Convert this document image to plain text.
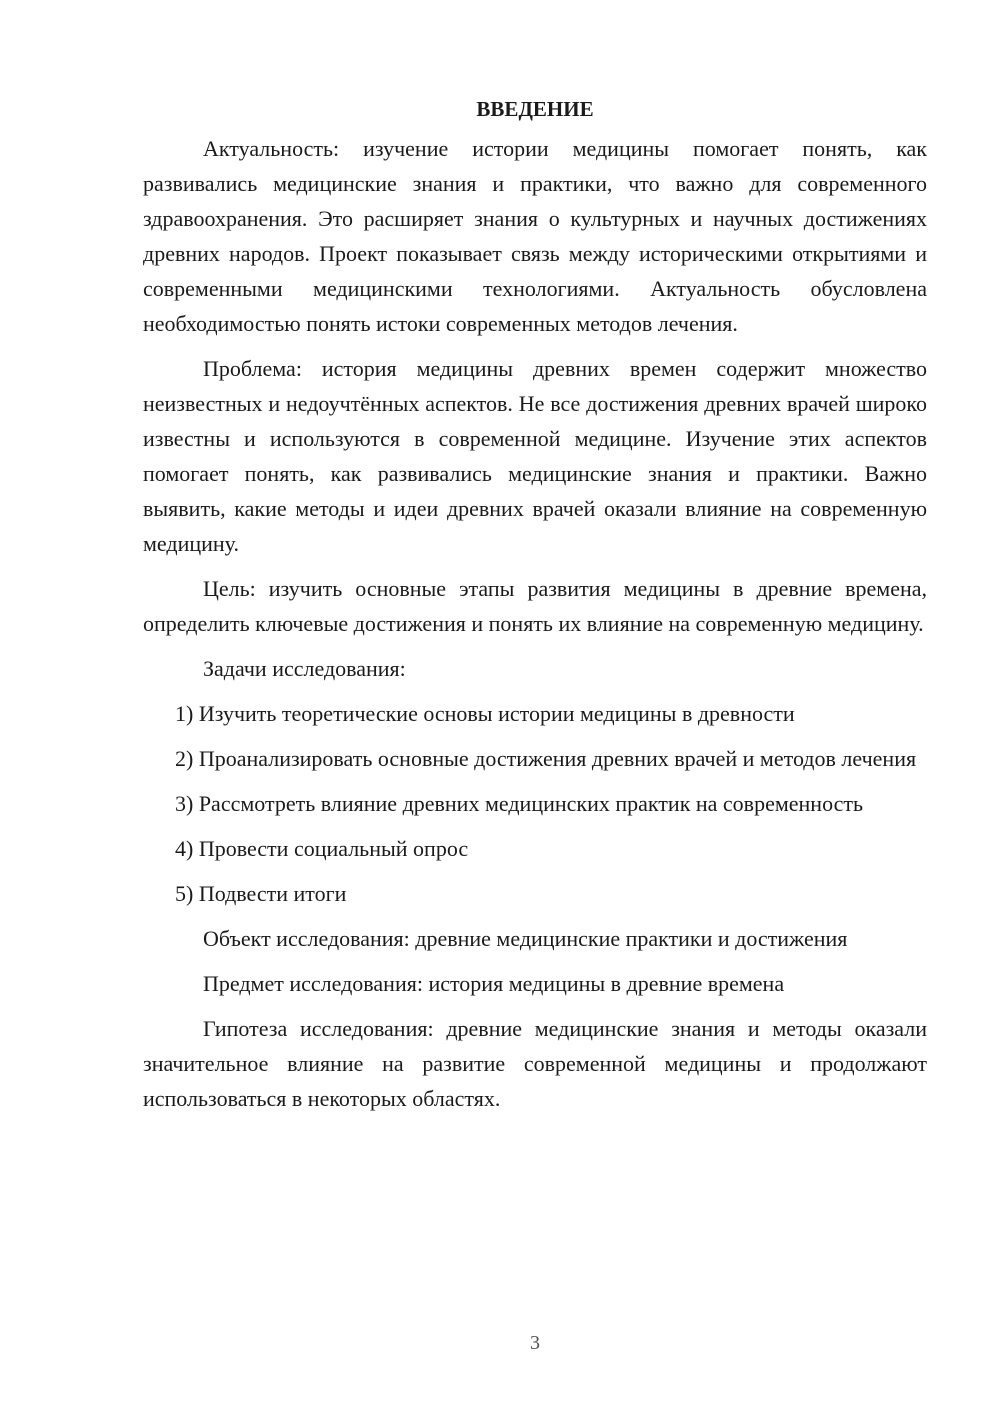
ВВЕДЕНИЕ

Актуальность: изучение истории медицины помогает понять, как развивались медицинские знания и практики, что важно для современного здравоохранения. Это расширяет знания о культурных и научных достижениях древних народов. Проект показывает связь между историческими открытиями и современными медицинскими технологиями. Актуальность обусловлена необходимостью понять истоки современных методов лечения.

Проблема: история медицины древних времен содержит множество неизвестных и недоучтённых аспектов. Не все достижения древних врачей широко известны и используются в современной медицине. Изучение этих аспектов помогает понять, как развивались медицинские знания и практики. Важно выявить, какие методы и идеи древних врачей оказали влияние на современную медицину.

Цель: изучить основные этапы развития медицины в древние времена, определить ключевые достижения и понять их влияние на современную медицину.

Задачи исследования:

1) Изучить теоретические основы истории медицины в древности

2) Проанализировать основные достижения древних врачей и методов лечения

3) Рассмотреть влияние древних медицинских практик на современность

4) Провести социальный опрос

5) Подвести итоги

Объект исследования: древние медицинские практики и достижения

Предмет исследования: история медицины в древние времена

Гипотеза исследования: древние медицинские знания и методы оказали значительное влияние на развитие современной медицины и продолжают использоваться в некоторых областях.

3
